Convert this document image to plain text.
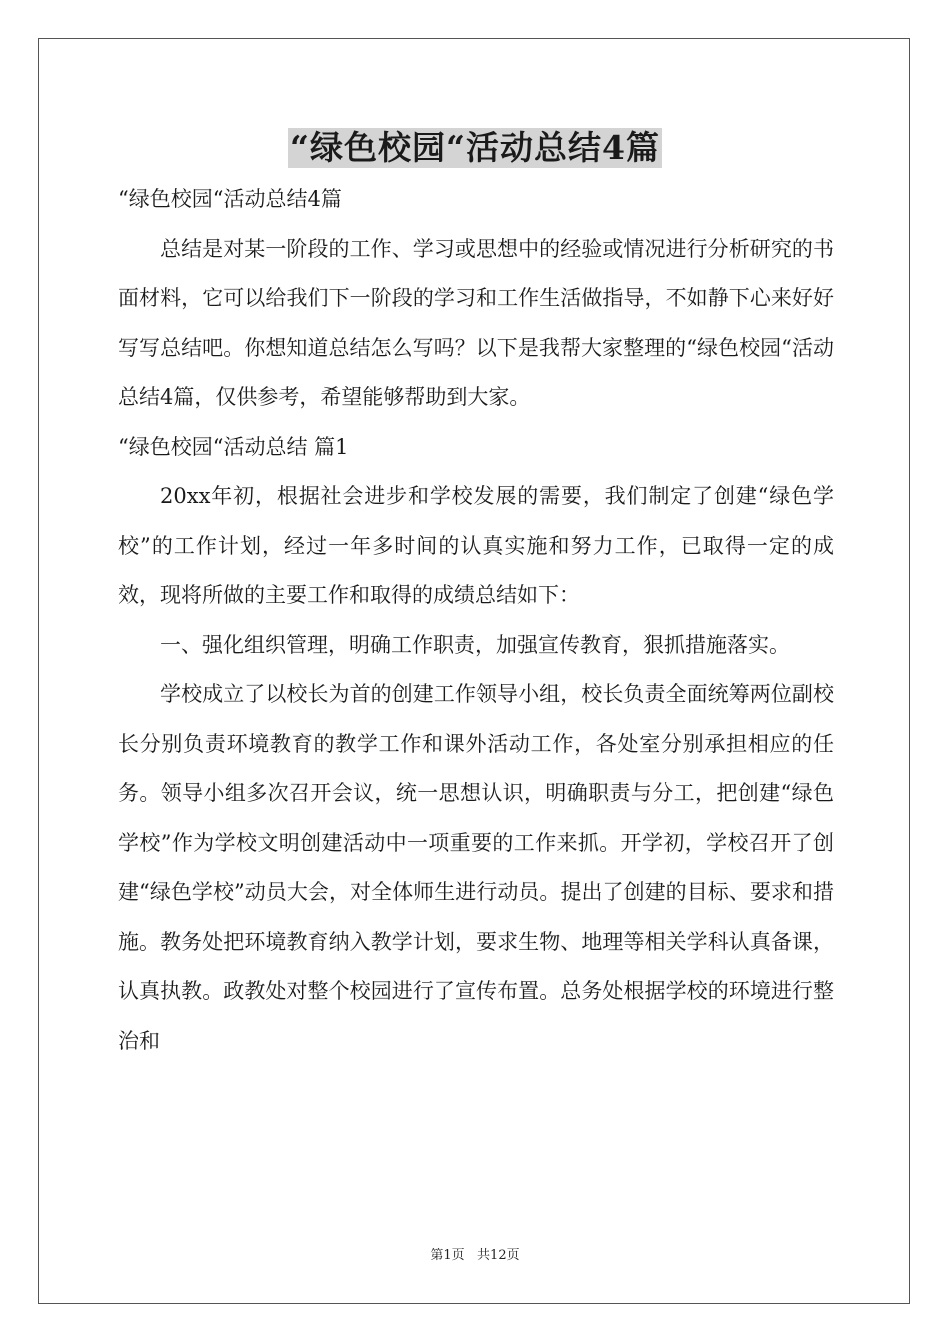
“绿色校园“活动总结4篇

“绿色校园“活动总结4篇

总结是对某一阶段的工作、学习或思想中的经验或情况进行分析研究的书面材料，它可以给我们下一阶段的学习和工作生活做指导，不如静下心来好好写写总结吧。你想知道总结怎么写吗？以下是我帮大家整理的“绿色校园“活动总结4篇，仅供参考，希望能够帮助到大家。

“绿色校园“活动总结 篇1

20xx年初，根据社会进步和学校发展的需要，我们制定了创建“绿色学校”的工作计划，经过一年多时间的认真实施和努力工作，已取得一定的成效，现将所做的主要工作和取得的成绩总结如下：

一、强化组织管理，明确工作职责，加强宣传教育，狠抓措施落实。

学校成立了以校长为首的创建工作领导小组，校长负责全面统筹两位副校长分别负责环境教育的教学工作和课外活动工作，各处室分别承担相应的任务。领导小组多次召开会议，统一思想认识，明确职责与分工，把创建“绿色学校”作为学校文明创建活动中一项重要的工作来抓。开学初，学校召开了创建“绿色学校”动员大会，对全体师生进行动员。提出了创建的目标、要求和措施。教务处把环境教育纳入教学计划，要求生物、地理等相关学科认真备课，认真执教。政教处对整个校园进行了宣传布置。总务处根据学校的环境进行整治和

第1页   共12页
